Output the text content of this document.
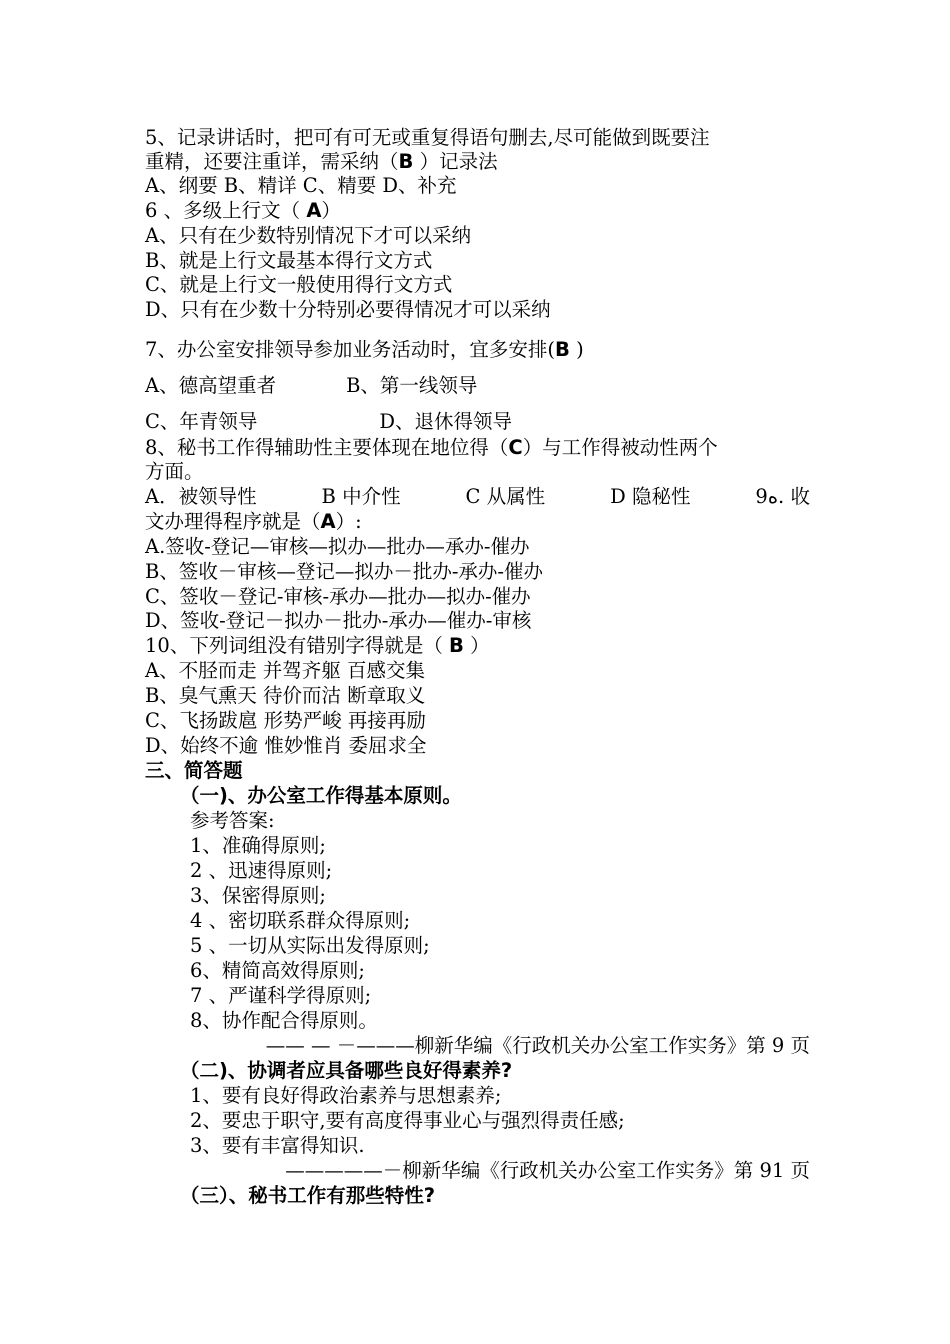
5、记录讲话时，把可有可无或重复得语句删去,尽可能做到既要注
重精，还要注重详，需采纳（B ）记录法
A、纲要 B、精详 C、精要 D、补充
6 、多级上行文（ A）
A、只有在少数特别情况下才可以采纳
B、就是上行文最基本得行文方式
C、就是上行文一般使用得行文方式
D、只有在少数十分特别必要得情况才可以采纳
7、办公室安排领导参加业务活动时，宜多安排(B )
A、德高望重者	B、第一线领导
C、年青领导	D、退休得领导
8、秘书工作得辅助性主要体现在地位得（C）与工作得被动性两个
方面。
A．被领导性	B 中介性	C 从属性	D 隐秘性	9ﻩ. 收
文办理得程序就是（A）:
A.签收-登记—审核—拟办—批办—承办-催办
B、签收－审核—登记—拟办－批办-承办-催办
C、签收－登记-审核-承办—批办—拟办-催办
D、签收-登记－拟办－批办-承办—催办-审核
10、下列词组没有错别字得就是（ B ）
A、不胫而走 并驾齐躯 百感交集
B、臭气熏天 待价而沽 断章取义
C、飞扬跋扈 形势严峻 再接再励
D、始终不逾 惟妙惟肖 委屈求全
三、简答题
（一)、办公室工作得基本原则。
参考答案:
1、准确得原则;
2 、迅速得原则;
3、保密得原则;
4 、密切联系群众得原则;
5 、一切从实际出发得原则;
6、精简高效得原则;
7 、严谨科学得原则;
8、协作配合得原则。
—— — －———柳新华编《行政机关办公室工作实务》第 9 页
（二)、协调者应具备哪些良好得素养?
1、要有良好得政治素养与思想素养;
2、要忠于职守,要有高度得事业心与强烈得责任感;
3、要有丰富得知识.
—————－柳新华编《行政机关办公室工作实务》第 91 页
（三）、秘书工作有那些特性?
